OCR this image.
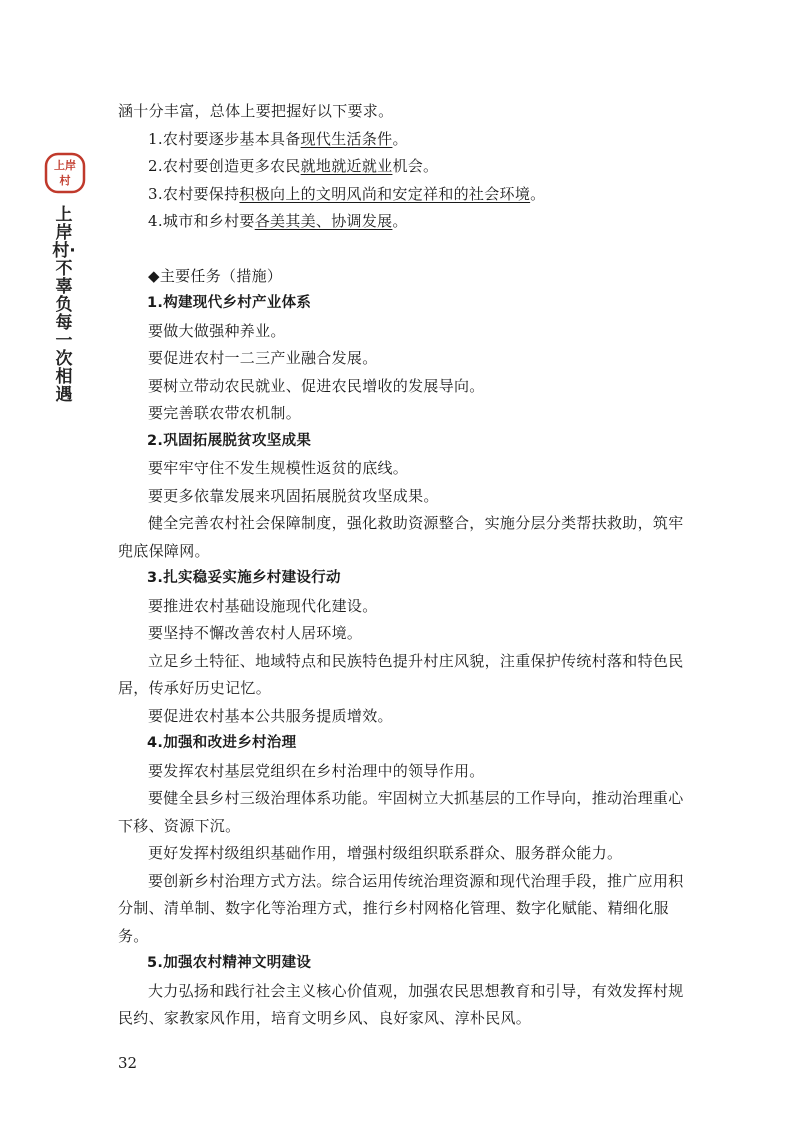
上岸
村
上岸村·不辜负每一次相遇

涵十分丰富，总体上要把握好以下要求。

1.农村要逐步基本具备现代生活条件。

2.农村要创造更多农民就地就近就业机会。

3.农村要保持积极向上的文明风尚和安定祥和的社会环境。

4.城市和乡村要各美其美、协调发展。

◆主要任务（措施）

1.构建现代乡村产业体系

要做大做强种养业。

要促进农村一二三产业融合发展。

要树立带动农民就业、促进农民增收的发展导向。

要完善联农带农机制。

2.巩固拓展脱贫攻坚成果

要牢牢守住不发生规模性返贫的底线。

要更多依靠发展来巩固拓展脱贫攻坚成果。

健全完善农村社会保障制度，强化救助资源整合，实施分层分类帮扶救助，筑牢兜底保障网。

3.扎实稳妥实施乡村建设行动

要推进农村基础设施现代化建设。

要坚持不懈改善农村人居环境。

立足乡土特征、地域特点和民族特色提升村庄风貌，注重保护传统村落和特色民居，传承好历史记忆。

要促进农村基本公共服务提质增效。

4.加强和改进乡村治理

要发挥农村基层党组织在乡村治理中的领导作用。

要健全县乡村三级治理体系功能。牢固树立大抓基层的工作导向，推动治理重心下移、资源下沉。

更好发挥村级组织基础作用，增强村级组织联系群众、服务群众能力。

要创新乡村治理方式方法。综合运用传统治理资源和现代治理手段，推广应用积分制、清单制、数字化等治理方式，推行乡村网格化管理、数字化赋能、精细化服务。

5.加强农村精神文明建设

大力弘扬和践行社会主义核心价值观，加强农民思想教育和引导，有效发挥村规民约、家教家风作用，培育文明乡风、良好家风、淳朴民风。

32
